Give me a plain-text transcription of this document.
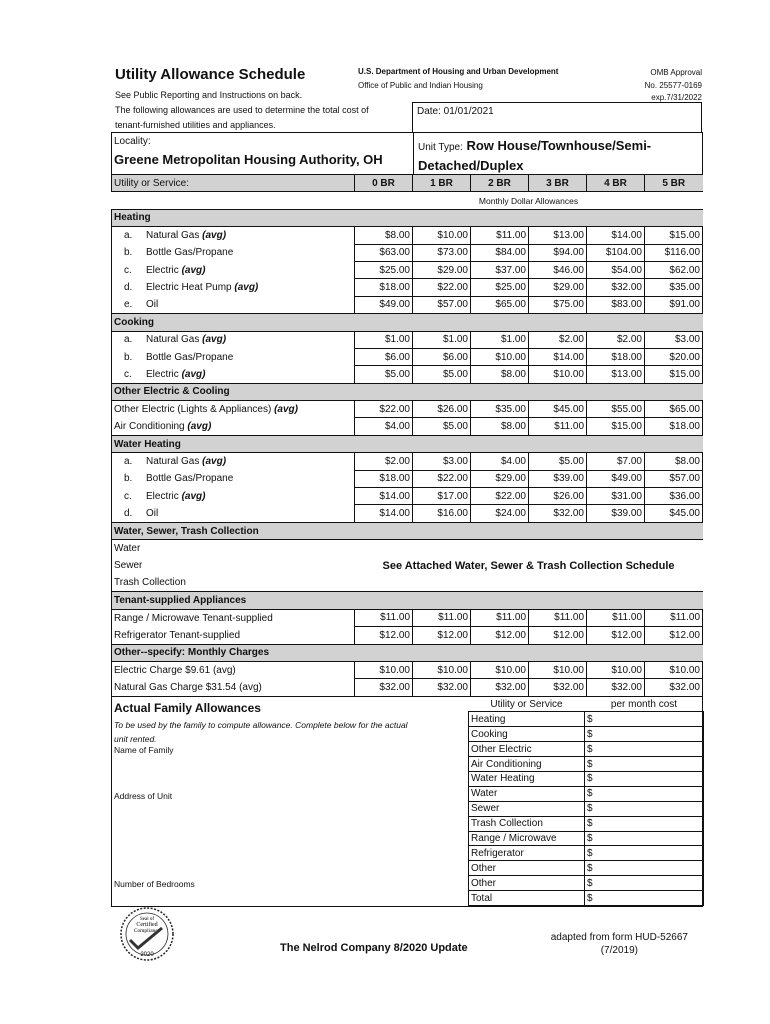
Utility Allowance Schedule	U.S. Department of Housing and Urban Development
Office of Public and Indian Housing
OMB Approval
No. 25577-0169
exp.7/31/2022
See Public Reporting and Instructions on back.
The following allowances are used to determine the total cost of
tenant-furnished utilities and appliances.
Date: 01/01/2021
Locality:
Greene Metropolitan Housing Authority, OH
Unit Type: Row House/Townhouse/Semi-
Detached/Duplex
Utility or Service:	0 BR	1 BR	2 BR	3 BR	4 BR	5 BR
	Monthly Dollar Allowances					
Heating						
a. Natural Gas (avg)	$8.00	$10.00	$11.00	$13.00	$14.00	$15.00
b. Bottle Gas/Propane	$63.00	$73.00	$84.00	$94.00	$104.00	$116.00
c. Electric (avg)	$25.00	$29.00	$37.00	$46.00	$54.00	$62.00
d. Electric Heat Pump (avg)	$18.00	$22.00	$25.00	$29.00	$32.00	$35.00
e. Oil	$49.00	$57.00	$65.00	$75.00	$83.00	$91.00
Cooking						
a. Natural Gas (avg)	$1.00	$1.00	$1.00	$2.00	$2.00	$3.00
b. Bottle Gas/Propane	$6.00	$6.00	$10.00	$14.00	$18.00	$20.00
c. Electric (avg)	$5.00	$5.00	$8.00	$10.00	$13.00	$15.00
Other Electric & Cooling						
Other Electric (Lights & Appliances) (avg)	$22.00	$26.00	$35.00	$45.00	$55.00	$65.00
Air Conditioning (avg)	$4.00	$5.00	$8.00	$11.00	$15.00	$18.00
Water Heating						
a. Natural Gas (avg)	$2.00	$3.00	$4.00	$5.00	$7.00	$8.00
b. Bottle Gas/Propane	$18.00	$22.00	$29.00	$39.00	$49.00	$57.00
c. Electric (avg)	$14.00	$17.00	$22.00	$26.00	$31.00	$36.00
d. Oil	$14.00	$16.00	$24.00	$32.00	$39.00	$45.00
Water, Sewer, Trash Collection						
Water	See Attached Water, Sewer & Trash Collection Schedule					
Sewer						
Trash Collection						
Tenant-supplied Appliances						
Range / Microwave Tenant-supplied	$11.00	$11.00	$11.00	$11.00	$11.00	$11.00
Refrigerator Tenant-supplied	$12.00	$12.00	$12.00	$12.00	$12.00	$12.00
Other--specify: Monthly Charges						
Electric Charge $9.61 (avg)	$10.00	$10.00	$10.00	$10.00	$10.00	$10.00
Natural Gas Charge $31.54 (avg)	$32.00	$32.00	$32.00	$32.00	$32.00	$32.00
Actual Family Allowances
To be used by the family to compute allowance. Complete below for the actual
unit rented.
Name of Family
Address of Unit
Number of Bedrooms
Utility or Service	per month cost
Heating	$
Cooking	$
Other Electric	$
Air Conditioning	$
Water Heating	$
Water	$
Sewer	$
Trash Collection	$
Range / Microwave	$
Refrigerator	$
Other	$
Other	$
Total	$
Seal of
Certified
Compliance
2020
The Nelrod Company 8/2020 Update
adapted from form HUD-52667
(7/2019)
